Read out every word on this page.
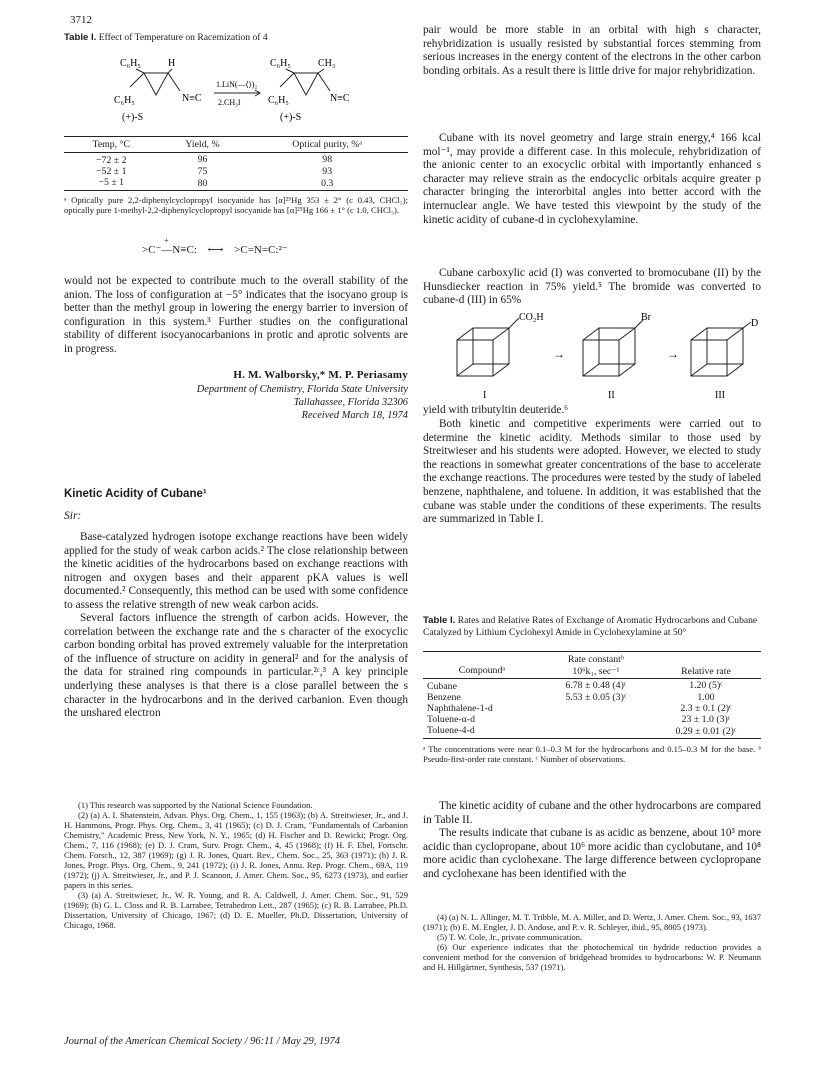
3712

Table I. Effect of Temperature on Racemization of 4

C₆H₅	H
C₆H₅	N≡C
(+)-S
1.LiN(—⟨⟩)₂
2.CH₃I
C₆H₅	CH₃
C₆H₅	N≡C
(+)-S
Temp, °C	Yield, %	Optical purity, %ᵃ
−72 ± 2	96	98
−52 ± 1	75	93
−5 ± 1	80	0.3

ᵃ Optically pure 2,2-diphenylcyclopropyl isocyanide has [α]²⁵Hg 353 ± 2° (c 0.43, CHCl₃); optically pure 1-methyl-2,2-diphenylcyclopropyl isocyanide has [α]²⁵Hg 166 ± 1° (c 1.0, CHCl₃).

>C⁻—N≡C: ⟷ >C=N=C:²⁻
+

would not be expected to contribute much to the overall stability of the anion. The loss of configuration at −5° indicates that the isocyano group is better than the methyl group in lowering the energy barrier to inversion of configuration in this system.³ Further studies on the configurational stability of different isocyanocarbanions in protic and aprotic solvents are in progress.

H. M. Walborsky,* M. P. Periasamy

Department of Chemistry, Florida State University

Tallahassee, Florida 32306

Received March 18, 1974

Kinetic Acidity of Cubane¹

Sir:

Base-catalyzed hydrogen isotope exchange reactions have been widely applied for the study of weak carbon acids.² The close relationship between the kinetic acidities of the hydrocarbons based on exchange reactions with nitrogen and oxygen bases and their apparent pKA values is well documented.² Consequently, this method can be used with some confidence to assess the relative strength of new weak carbon acids.

Several factors influence the strength of carbon acids. However, the correlation between the exchange rate and the s character of the exocyclic carbon bonding orbital has proved extremely valuable for the interpretation of the influence of structure on acidity in general² and for the analysis of the data for strained ring compounds in particular.²ᶜ,³ A key principle underlying these analyses is that there is a close parallel between the s character in the hydrocarbons and in the derived carbanion. Even though the unshared electron

(1) This research was supported by the National Science Foundation.

(2) (a) A. I. Shatenstein, Advan. Phys. Org. Chem., 1, 155 (1963); (b) A. Streitwieser, Jr., and J. H. Hammons, Progr. Phys. Org. Chem., 3, 41 (1965); (c) D. J. Cram, "Fundamentals of Carbanion Chemistry," Academic Press, New York, N. Y., 1965; (d) H. Fischer and D. Rewicki; Progr. Org. Chem., 7, 116 (1968); (e) D. J. Cram, Surv. Progr. Chem., 4, 45 (1968); (f) H. F. Ebel, Fortschr. Chem. Forsch., 12, 387 (1969); (g) J. R. Jones, Quart. Rev., Chem. Soc., 25, 363 (1971); (h) J. R. Jones, Progr. Phys. Org. Chem., 9, 241 (1972); (i) J. R. Jones, Annu. Rep. Progr. Chem., 69A, 119 (1972); (j) A. Streitwieser, Jr., and P. J. Scannon, J. Amer. Chem. Soc., 95, 6273 (1973), and earlier papers in this series.

(3) (a) A. Streitwieser, Jr., W. R. Young, and R. A. Caldwell, J. Amer. Chem. Soc., 91, 529 (1969); (b) G. L. Closs and R. B. Larrabee, Tetrahedron Lett., 287 (1965); (c) R. B. Larrabee, Ph.D. Dissertation, University of Chicago, 1967; (d) D. E. Mueller, Ph.D. Dissertation, University of Chicago, 1968.

pair would be more stable in an orbital with high s character, rehybridization is usually resisted by substantial forces stemming from serious increases in the energy content of the electrons in the other carbon bonding orbitals. As a result there is little drive for major rehybridization.

Cubane with its novel geometry and large strain energy,⁴ 166 kcal mol⁻¹, may provide a different case. In this molecule, rehybridization of the anionic center to an exocyclic orbital with importantly enhanced s character may relieve strain as the endocyclic orbitals acquire greater p character bringing the interorbital angles into better accord with the internuclear angle. We have tested this viewpoint by the study of the kinetic acidity of cubane-d in cyclohexylamine.

Cubane carboxylic acid (I) was converted to bromocubane (II) by the Hunsdiecker reaction in 75% yield.⁵ The bromide was converted to cubane-d (III) in 65%

CO₂H
I
→
Br
II
→
D
III

yield with tributyltin deuteride.⁶

Both kinetic and competitive experiments were carried out to determine the kinetic acidity. Methods similar to those used by Streitwieser and his students were adopted. However, we elected to study the reactions in somewhat greater concentrations of the base to accelerate the exchange reactions. The procedures were tested by the study of labeled benzene, naphthalene, and toluene. In addition, it was established that the cubane was stable under the conditions of these experiments. The results are summarized in Table I.

Table I. Rates and Relative Rates of Exchange of Aromatic Hydrocarbons and Cubane Catalyzed by Lithium Cyclohexyl Amide in Cyclohexylamine at 50°

	Rate constantᵇ	
Compoundᵃ	10⁶k₁, sec⁻¹	Relative rate
Cubane	6.78 ± 0.48 (4)ᶜ	1.20 (5)ᶜ
Benzene	5.53 ± 0.05 (3)ᶜ	1.00
Naphthalene-1-d		2.3 ± 0.1 (2)ᶜ
Toluene-α-d		23 ± 1.0 (3)ᶜ
Toluene-4-d		0.29 ± 0.01 (2)ᶜ

ᵃ The concentrations were near 0.1–0.3 M for the hydrocarbons and 0.15–0.3 M for the base. ᵇ Pseudo-first-order rate constant. ᶜ Number of observations.

The kinetic acidity of cubane and the other hydrocarbons are compared in Table II.

The results indicate that cubane is as acidic as benzene, about 10³ more acidic than cyclopropane, about 10⁶ more acidic than cyclobutane, and 10⁸ more acidic than cyclohexane. The large difference between cyclopropane and cyclohexane has been identified with the

(4) (a) N. L. Allinger, M. T. Tribble, M. A. Miller, and D. Wertz, J. Amer. Chem. Soc., 93, 1637 (1971); (b) E. M. Engler, J. D. Andose, and P. v. R. Schleyer, ibid., 95, 8005 (1973).

(5) T. W. Cole, Jr., private communication.

(6) Our experience indicates that the photochemical tin hydride reduction provides a convenient method for the conversion of bridgehead bromides to hydrocarbons: W. P. Neumann and H. Hillgärtner, Synthesis, 537 (1971).

Journal of the American Chemical Society / 96:11 / May 29, 1974
